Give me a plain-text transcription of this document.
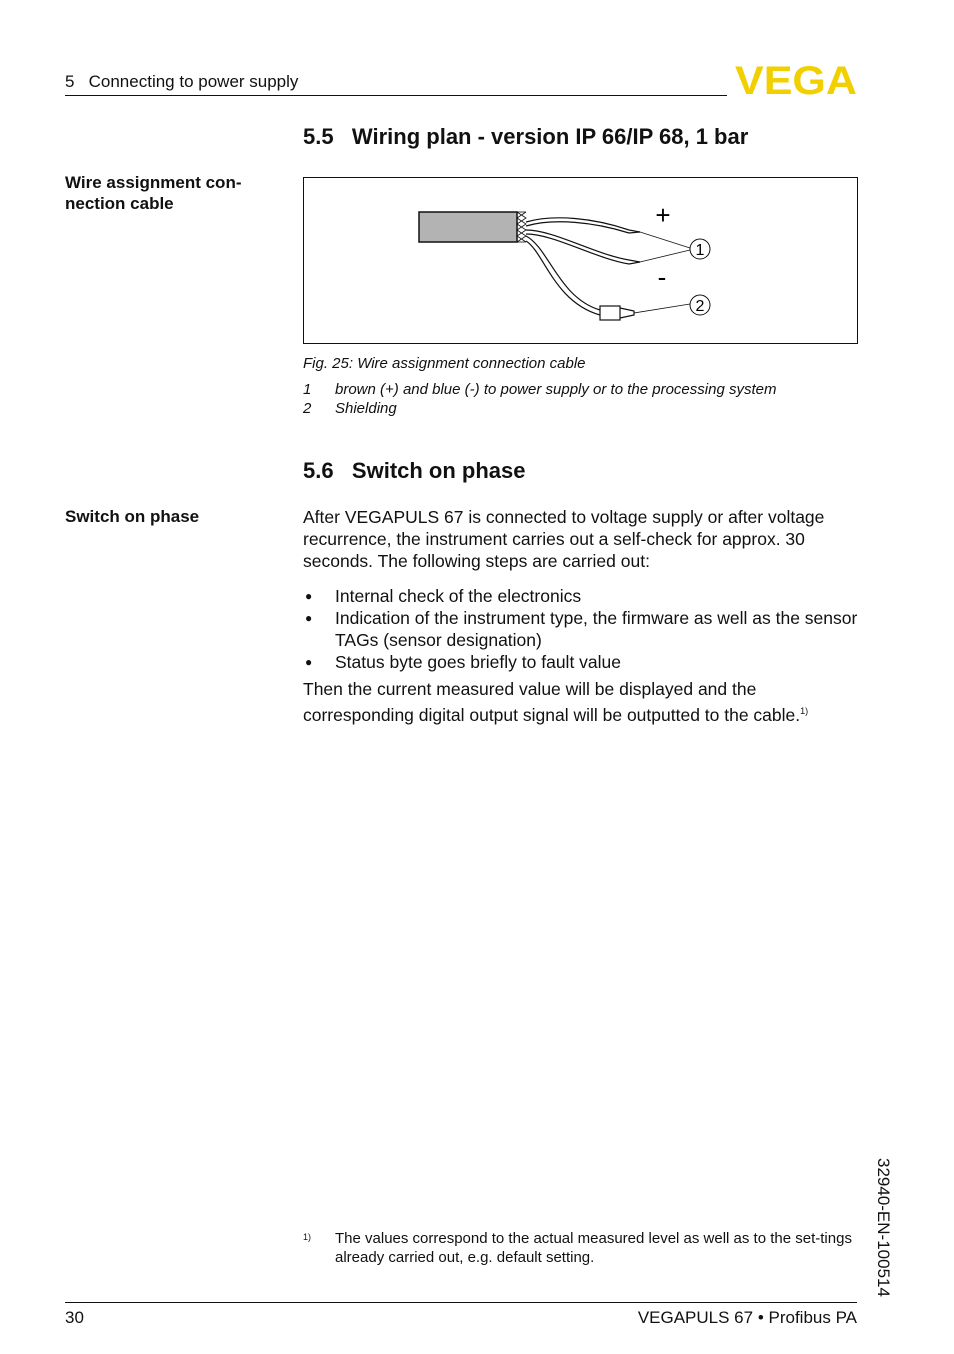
5   Connecting to power supply	VEGA
5.5   Wiring plan - version IP 66/IP 68, 1 bar
Wire assignment con-
nection cable	+
-
1
2
Fig. 25: Wire assignment connection cable
1 brown (+) and blue (-) to power supply or to the processing system
2 Shielding
5.6   Switch on phase
Switch on phase	After VEGAPULS 67 is connected to voltage supply or after voltage recurrence, the instrument carries out a self-check for approx. 30 seconds. The following steps are carried out:
● Internal check of the electronics
● Indication of the instrument type, the firmware as well as the sensor TAGs (sensor designation)
● Status byte goes briefly to fault value
Then the current measured value will be displayed and the corresponding digital output signal will be outputted to the cable.$^{1)}$
1) The values correspond to the actual measured level as well as to the set-tings already carried out, e.g. default setting.
30	VEGAPULS 67 • Profibus PA
32940-EN-100514
